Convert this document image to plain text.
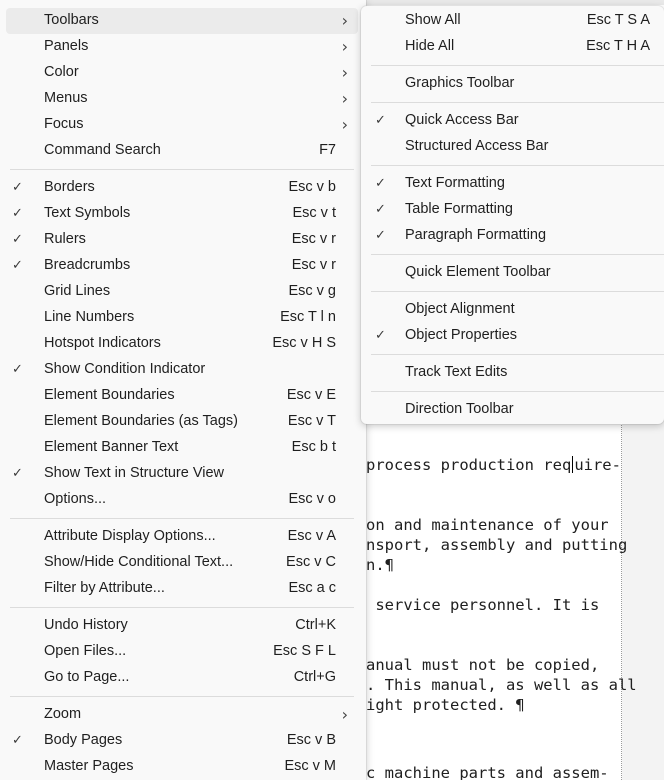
process production req uire-
on and maintenance of your
nsport, assembly and putting
n.¶
service personnel. It is
anual must not be copied,
. This manual, as well as all
ight protected. ¶
c machine parts and assem-
Toolbars	›
Panels	›
Color	›
Menus	›
Focus	›
Command Search	F7
✓ Borders	Esc v b
✓ Text Symbols	Esc v t
✓ Rulers	Esc v r
✓ Breadcrumbs	Esc v r
Grid Lines	Esc v g
Line Numbers	Esc T l n
Hotspot Indicators	Esc v H S
✓ Show Condition Indicator
Element Boundaries	Esc v E
Element Boundaries (as Tags)	Esc v T
Element Banner Text	Esc b t
✓ Show Text in Structure View
Options...	Esc v o
Attribute Display Options...	Esc v A
Show/Hide Conditional Text...	Esc v C
Filter by Attribute...	Esc a c
Undo History	Ctrl+K
Open Files...	Esc S F L
Go to Page...	Ctrl+G
Zoom	›
✓ Body Pages	Esc v B
Master Pages	Esc v M
Show All	Esc T S A
Hide All	Esc T H A
Graphics Toolbar
✓ Quick Access Bar
Structured Access Bar
✓ Text Formatting
✓ Table Formatting
✓ Paragraph Formatting
Quick Element Toolbar
Object Alignment
✓ Object Properties
Track Text Edits
Direction Toolbar
